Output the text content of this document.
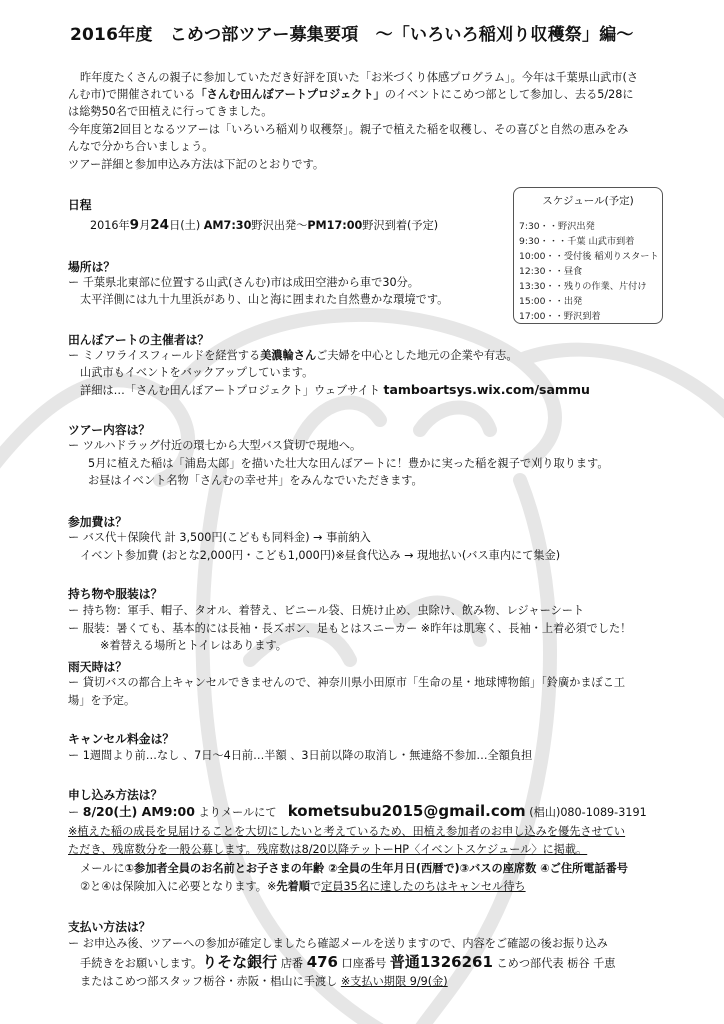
2016年度　こめつ部ツアー募集要項　〜「いろいろ稲刈り収穫祭」編〜
昨年度たくさんの親子に参加していただき好評を頂いた「お米づくり体感プログラム」。今年は千葉県山武市(さ
んむ市)で開催されている「さんむ田んぼアートプロジェクト」のイベントにこめつ部として参加し、去る5/28に
は総勢50名で田植えに行ってきました。
今年度第2回目となるツアーは「いろいろ稲刈り収穫祭」。親子で植えた稲を収穫し、その喜びと自然の恵みをみ
んなで分かち合いましょう。
ツアー詳細と参加申込み方法は下記のとおりです。
スケジュール(予定)
7:30・・野沢出発
9:30・・・千葉 山武市到着
10:00・・受付後 稲刈りスタート
12:30・・昼食
13:30・・残りの作業、片付け
15:00・・出発
17:00・・野沢到着
日程
2016年9月24日(土) AM7:30野沢出発〜PM17:00野沢到着(予定)
場所は？
ー 千葉県北東部に位置する山武(さんむ)市は成田空港から車で30分。
太平洋側には九十九里浜があり、山と海に囲まれた自然豊かな環境です。
田んぼアートの主催者は？
ー ミノワライスフィールドを経営する美濃輪さんご夫婦を中心とした地元の企業や有志。
山武市もイベントをバックアップしています。
詳細は…「さんむ田んぼアートプロジェクト」ウェブサイト tamboartsys.wix.com/sammu
ツアー内容は？
ー ツルハドラッグ付近の環七から大型バス貸切で現地へ。
5月に植えた稲は「浦島太郎」を描いた壮大な田んぼアートに！豊かに実った稲を親子で刈り取ります。
お昼はイベント名物「さんむの幸せ丼」をみんなでいただきます。
参加費は？
ー バス代＋保険代 計 3,500円(こどもも同料金) → 事前納入
イベント参加費 (おとな2,000円・こども1,000円)※昼食代込み → 現地払い(バス車内にて集金)
持ち物や服装は？
ー 持ち物：軍手、帽子、タオル、着替え、ビニール袋、日焼け止め、虫除け、飲み物、レジャーシート
ー 服装：暑くても、基本的には長袖・長ズボン、足もとはスニーカー ※昨年は肌寒く、長袖・上着必須でした！
※着替える場所とトイレはあります。
雨天時は？
ー 貸切バスの都合上キャンセルできませんので、神奈川県小田原市「生命の星・地球博物館」「鈴廣かまぼこ工
場」を予定。
キャンセル料金は？
ー 1週間より前…なし 、7日〜4日前…半額 、3日前以降の取消し・無連絡不参加…全額負担
申し込み方法は？
ー 8/20(土) AM9:00 よりメールにて　kometsubu2015@gmail.com (椙山)080-1089-3191
※植えた稲の成長を見届けることを大切にしたいと考えているため、田植え参加者のお申し込みを優先させてい
ただき、残席数分を一般公募します。残席数は8/20以降テットーHP〈イベントスケジュール〉に掲載。
メールに①参加者全員のお名前とお子さまの年齢 ②全員の生年月日(西暦で)③バスの座席数 ④ご住所電話番号
②と④は保険加入に必要となります。※先着順で定員35名に達したのちはキャンセル待ち
支払い方法は？
ー お申込み後、ツアーへの参加が確定しましたら確認メールを送りますので、内容をご確認の後お振り込み
手続きをお願いします。りそな銀行 店番 476 口座番号 普通1326261 こめつ部代表 栃谷 千恵
またはこめつ部スタッフ栃谷・赤阪・椙山に手渡し ※支払い期限 9/9(金)
